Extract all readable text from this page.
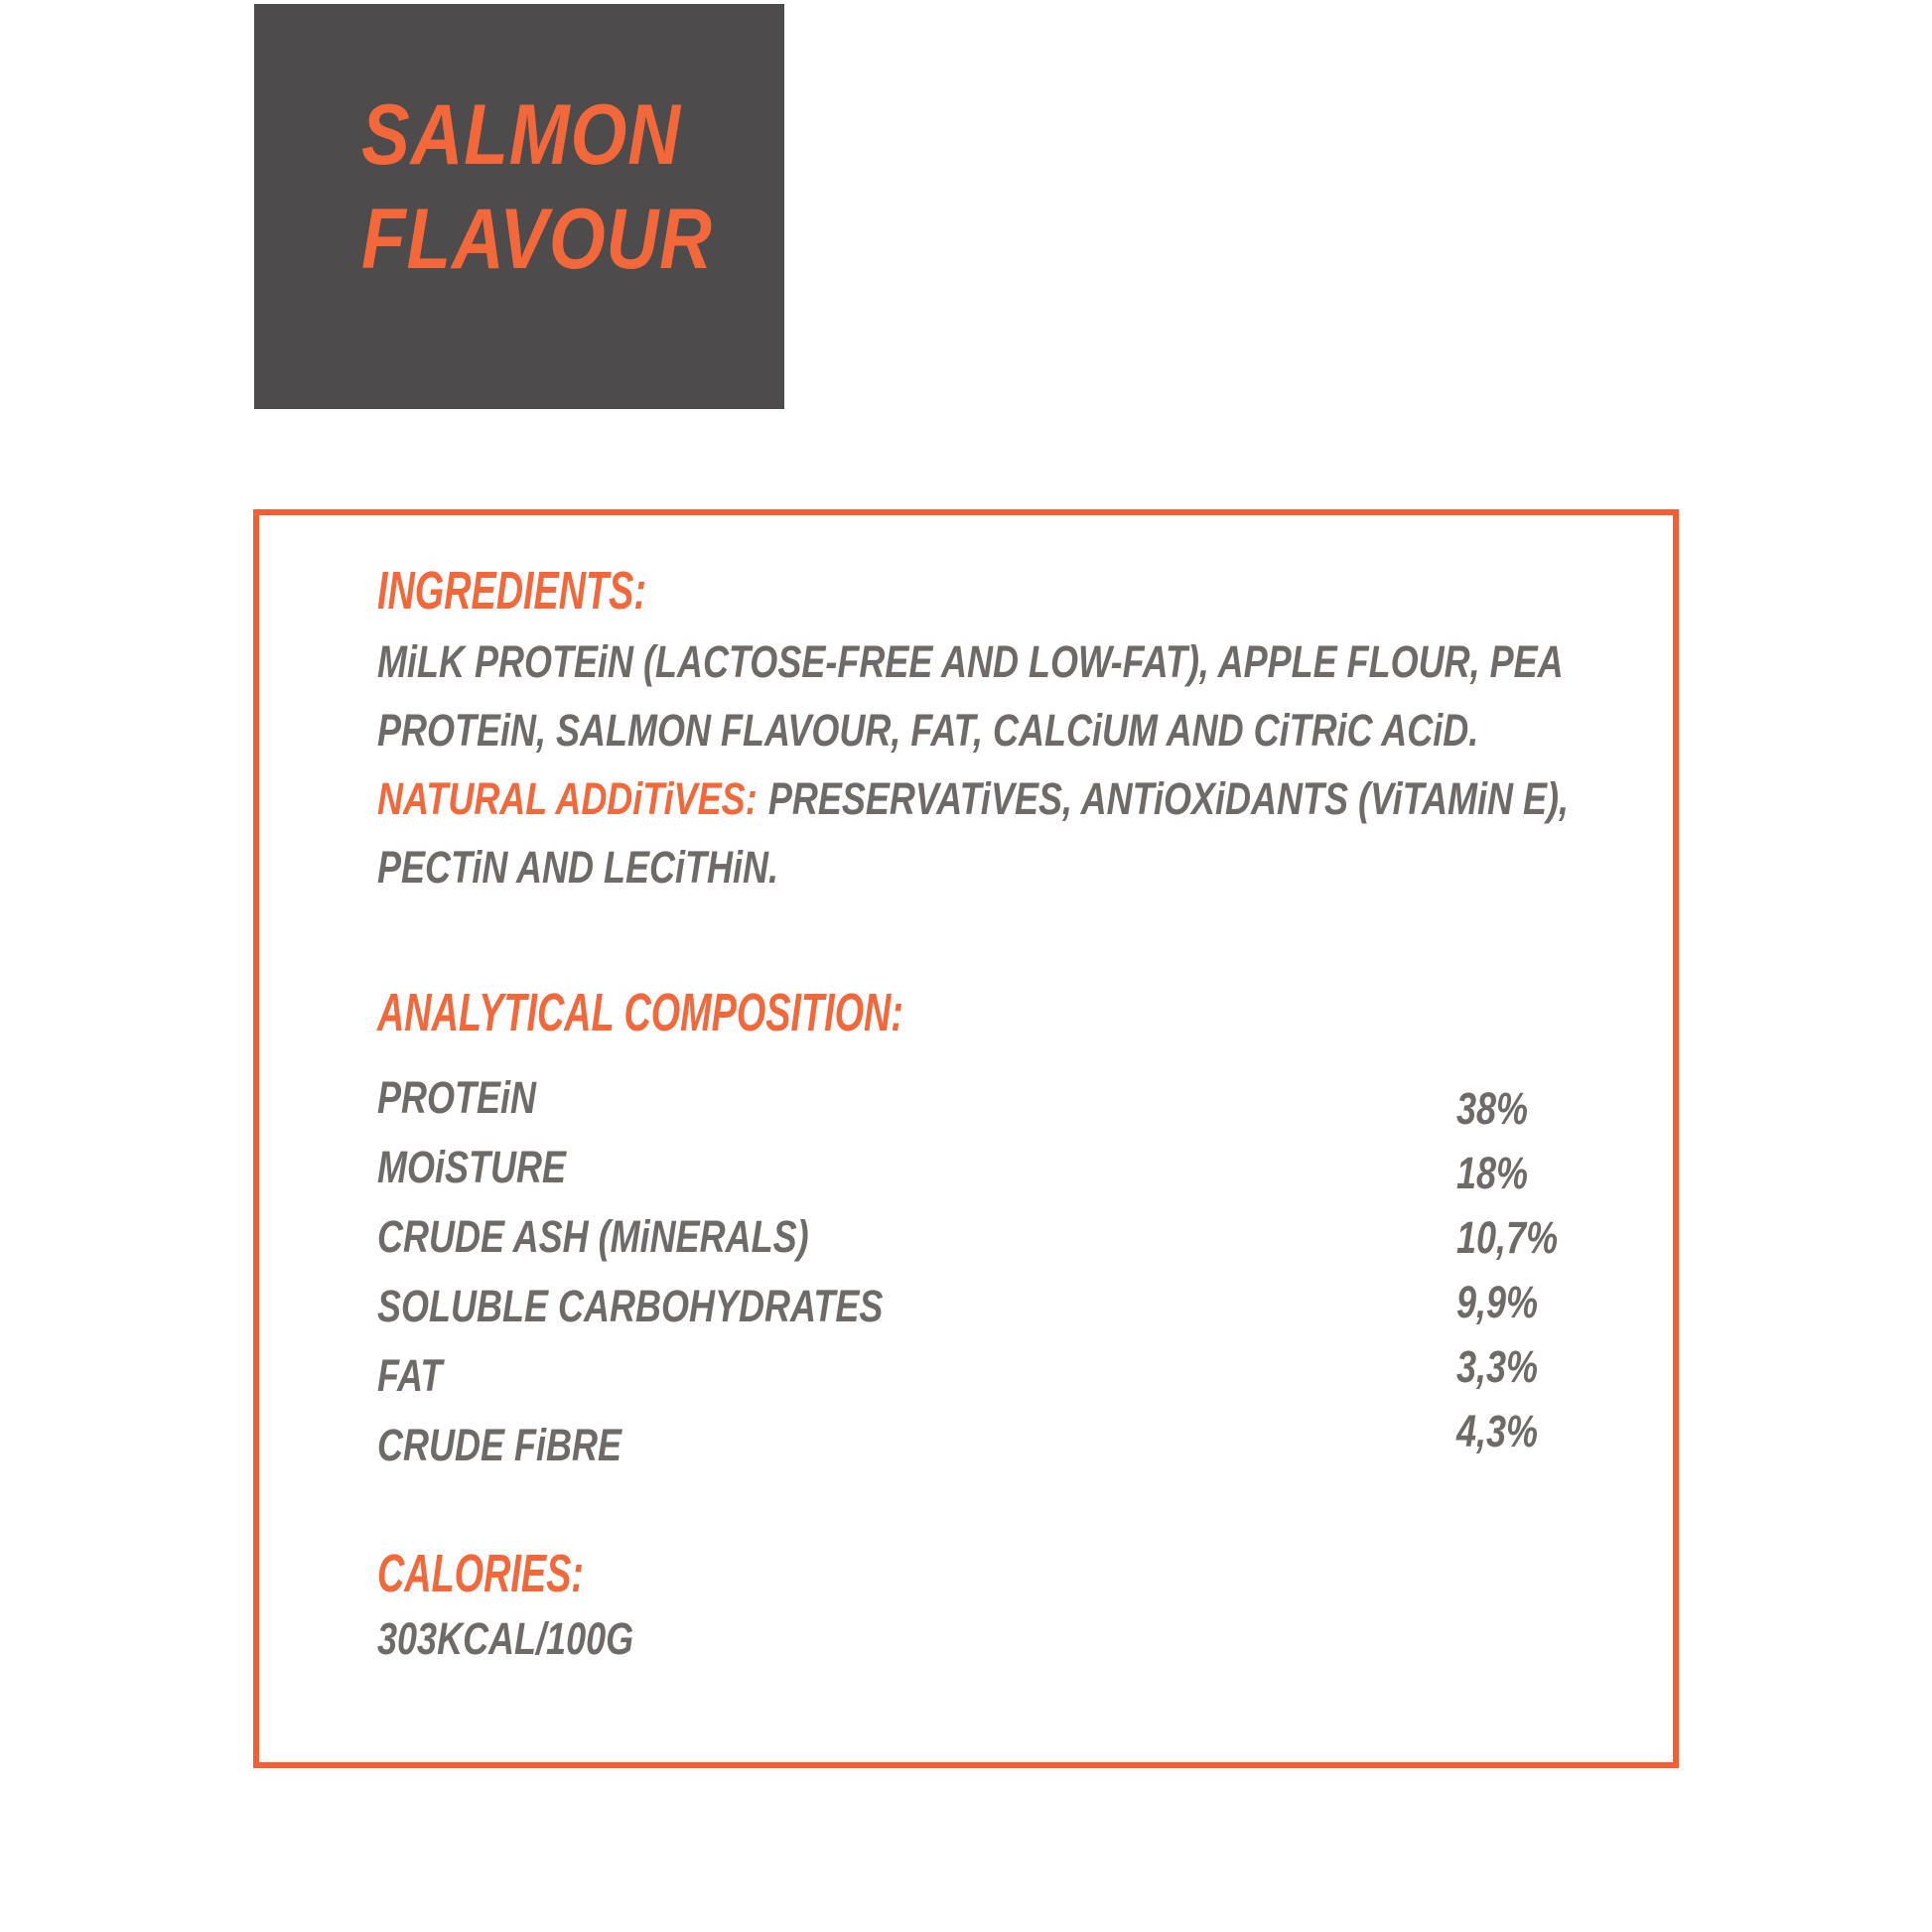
SALMON
FLAVOUR
INGREDIENTS:
MiLK PROTEiN (LACTOSE-FREE AND LOW-FAT), APPLE FLOUR, PEA
PROTEiN, SALMON FLAVOUR, FAT, CALCiUM AND CiTRiC ACiD.
NATURAL ADDiTiVES: PRESERVATiVES, ANTiOXiDANTS (ViTAMiN E),
PECTiN AND LECiTHiN.
ANALYTICAL COMPOSITION:
PROTEiN
MOiSTURE
CRUDE ASH (MiNERALS)
SOLUBLE CARBOHYDRATES
FAT
CRUDE FiBRE
38%
18%
10,7%
9,9%
3,3%
4,3%
CALORIES:
303KCAL/100G
